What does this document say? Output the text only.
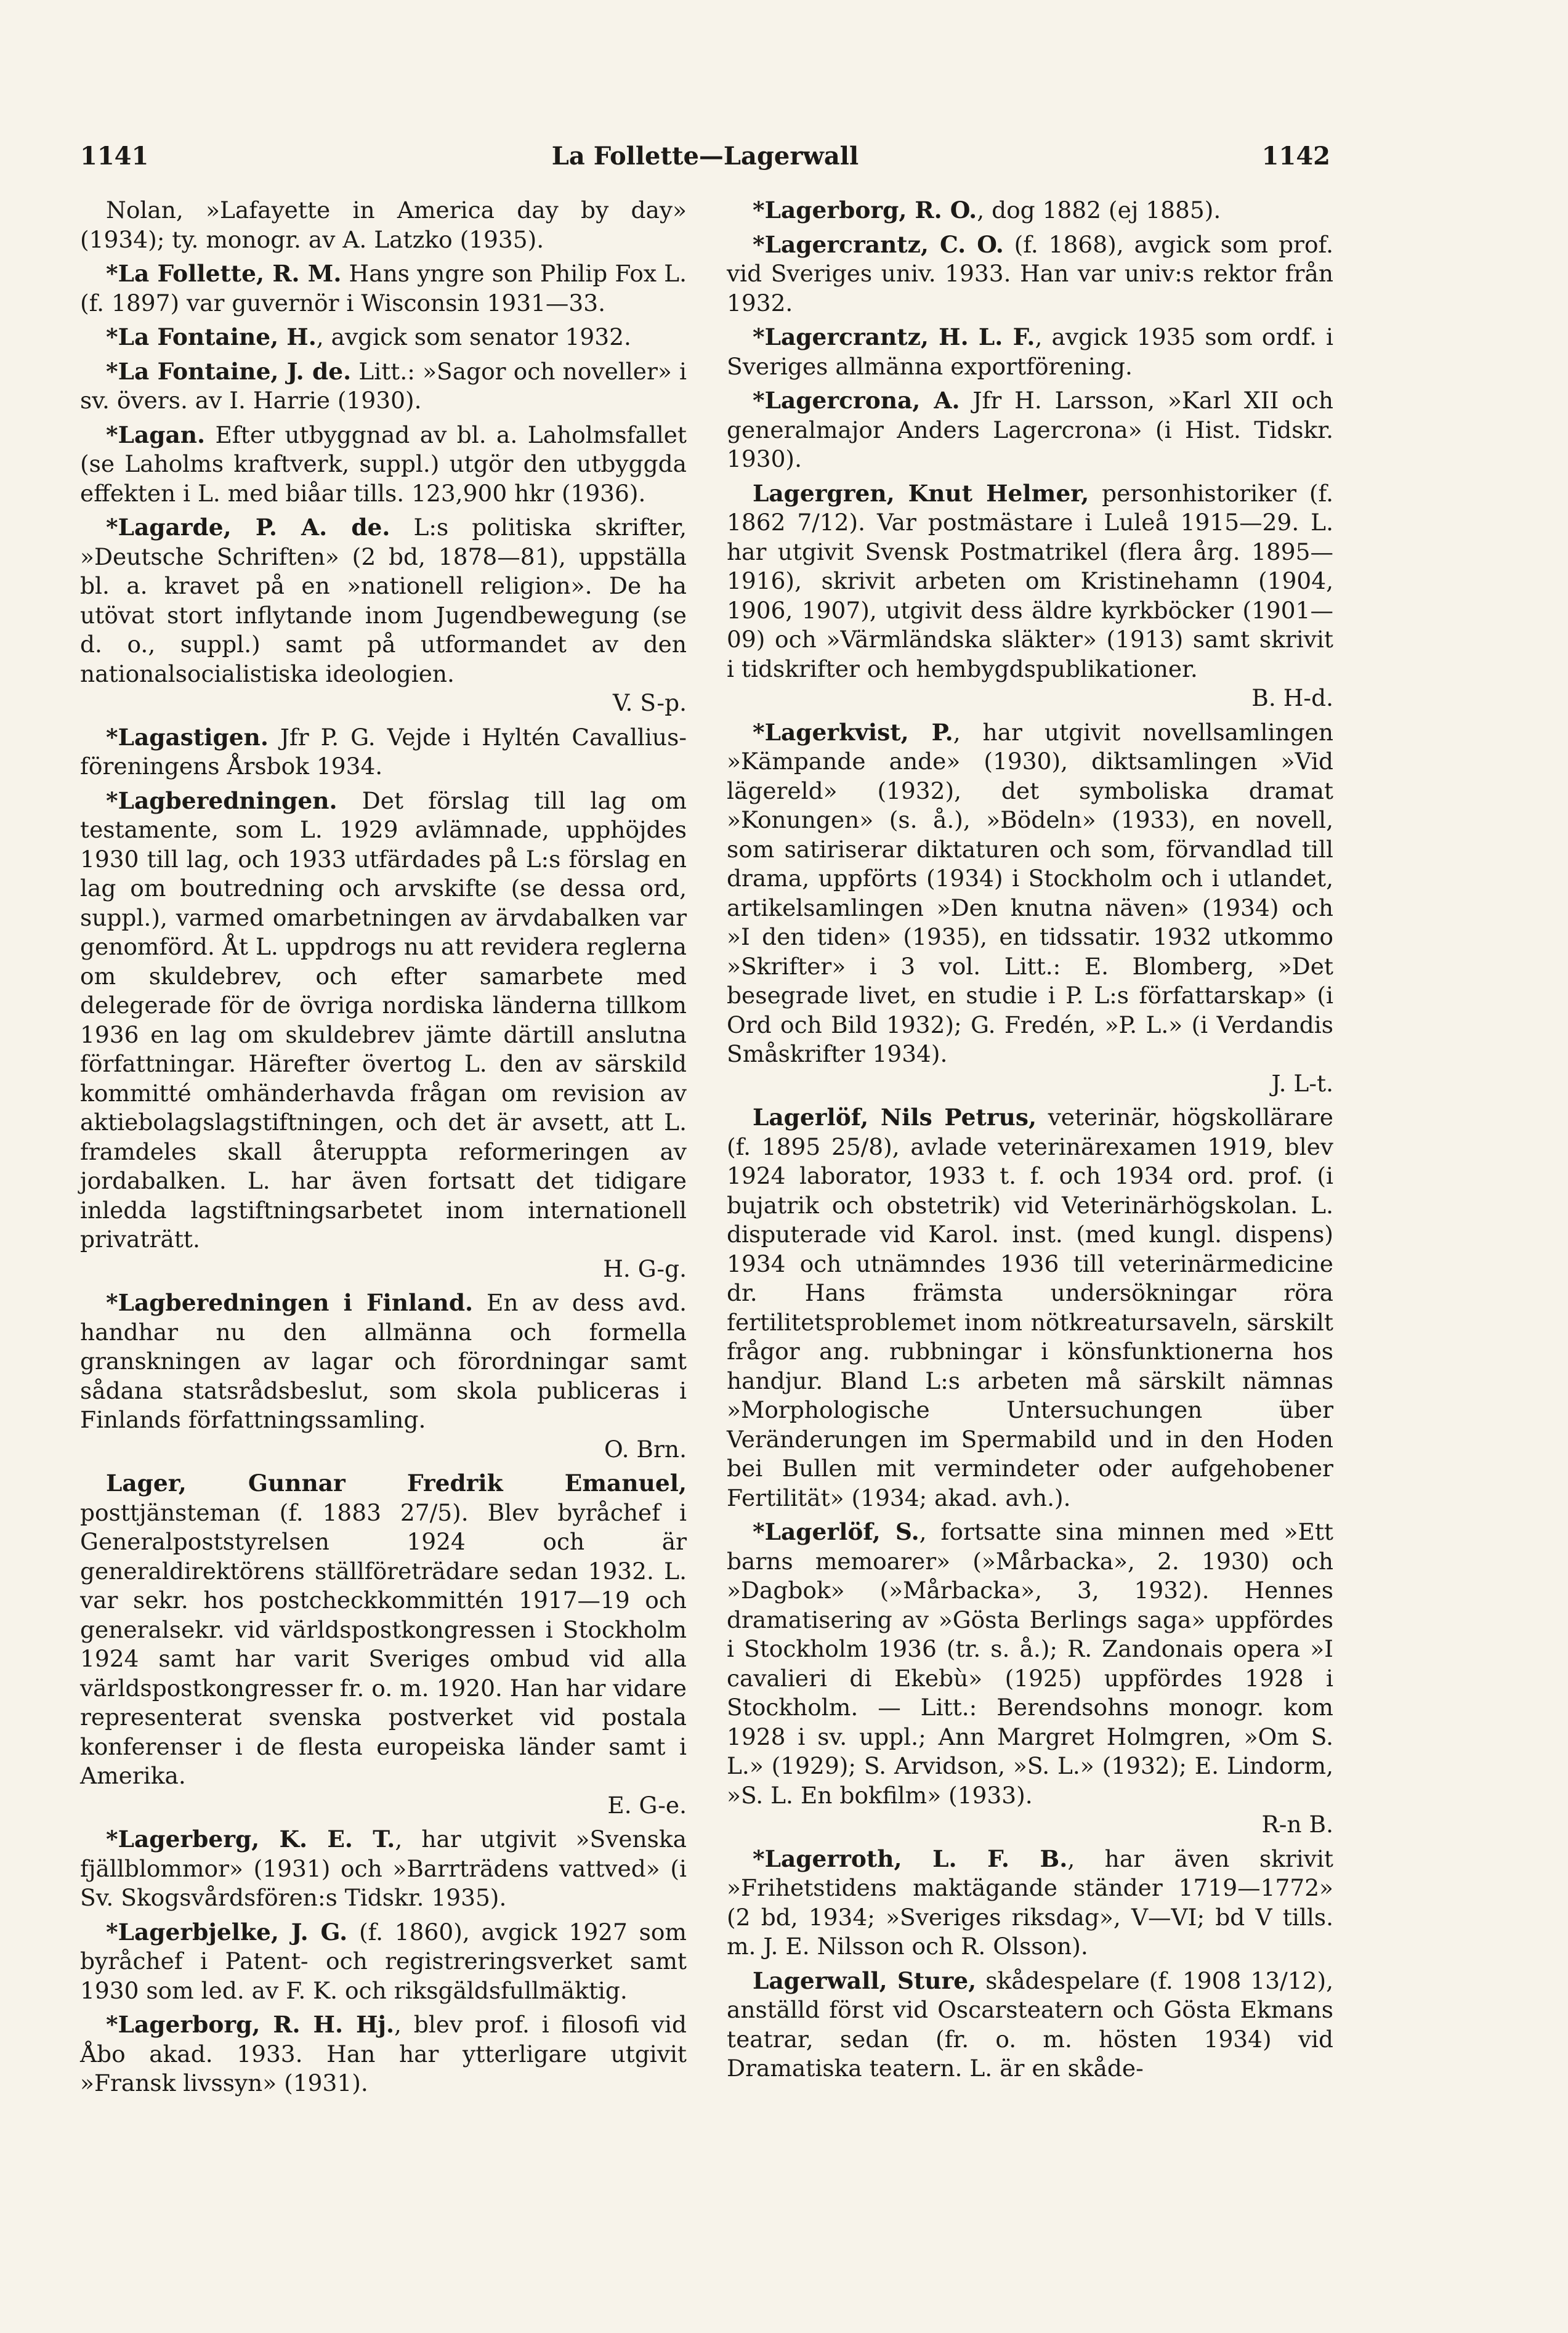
1141	La Follette—Lagerwall	1142

Nolan, »Lafayette in America day by day» (1934); ty. monogr. av A. Latzko (1935).

*La Follette, R. M. Hans yngre son Philip Fox L. (f. 1897) var guvernör i Wisconsin 1931—33.

*La Fontaine, H., avgick som senator 1932.

*La Fontaine, J. de. Litt.: »Sagor och noveller» i sv. övers. av I. Harrie (1930).

*Lagan. Efter utbyggnad av bl. a. Laholmsfallet (se Laholms kraftverk, suppl.) utgör den utbyggda effekten i L. med biåar tills. 123,900 hkr (1936).

*Lagarde, P. A. de. L:s politiska skrifter, »Deutsche Schriften» (2 bd, 1878—81), uppställa bl. a. kravet på en »nationell religion». De ha utövat stort inflytande inom Jugendbewegung (se d. o., suppl.) samt på utformandet av den nationalsocialistiska ideologien.
V. S-p.

*Lagastigen. Jfr P. G. Vejde i Hyltén Cavallius-föreningens Årsbok 1934.

*Lagberedningen. Det förslag till lag om testamente, som L. 1929 avlämnade, upphöjdes 1930 till lag, och 1933 utfärdades på L:s förslag en lag om boutredning och arvskifte (se dessa ord, suppl.), varmed omarbetningen av ärvdabalken var genomförd. Åt L. uppdrogs nu att revidera reglerna om skuldebrev, och efter samarbete med delegerade för de övriga nordiska länderna tillkom 1936 en lag om skuldebrev jämte därtill anslutna författningar. Härefter övertog L. den av särskild kommitté omhänderhavda frågan om revision av aktiebolagslagstiftningen, och det är avsett, att L. framdeles skall återuppta reformeringen av jordabalken. L. har även fortsatt det tidigare inledda lagstiftningsarbetet inom internationell privaträtt.
H. G-g.

*Lagberedningen i Finland. En av dess avd. handhar nu den allmänna och formella granskningen av lagar och förordningar samt sådana statsrådsbeslut, som skola publiceras i Finlands författningssamling.
O. Brn.

Lager, Gunnar Fredrik Emanuel, posttjänsteman (f. 1883 27/5). Blev byråchef i Generalpoststyrelsen 1924 och är generaldirektörens ställföreträdare sedan 1932. L. var sekr. hos postcheckkommittén 1917—19 och generalsekr. vid världspostkongressen i Stockholm 1924 samt har varit Sveriges ombud vid alla världspostkongresser fr. o. m. 1920. Han har vidare representerat svenska postverket vid postala konferenser i de flesta europeiska länder samt i Amerika.
E. G-e.

*Lagerberg, K. E. T., har utgivit »Svenska fjällblommor» (1931) och »Barrträdens vattved» (i Sv. Skogsvårdsfören:s Tidskr. 1935).

*Lagerbjelke, J. G. (f. 1860), avgick 1927 som byråchef i Patent- och registreringsverket samt 1930 som led. av F. K. och riksgäldsfullmäktig.

*Lagerborg, R. H. Hj., blev prof. i filosofi vid Åbo akad. 1933. Han har ytterligare utgivit »Fransk livssyn» (1931).

*Lagerborg, R. O., dog 1882 (ej 1885).

*Lagercrantz, C. O. (f. 1868), avgick som prof. vid Sveriges univ. 1933. Han var univ:s rektor från 1932.

*Lagercrantz, H. L. F., avgick 1935 som ordf. i Sveriges allmänna exportförening.

*Lagercrona, A. Jfr H. Larsson, »Karl XII och generalmajor Anders Lagercrona» (i Hist. Tidskr. 1930).

Lagergren, Knut Helmer, personhistoriker (f. 1862 7/12). Var postmästare i Luleå 1915—29. L. har utgivit Svensk Postmatrikel (flera årg. 1895—1916), skrivit arbeten om Kristinehamn (1904, 1906, 1907), utgivit dess äldre kyrkböcker (1901—09) och »Värmländska släkter» (1913) samt skrivit i tidskrifter och hembygdspublikationer.
B. H-d.

*Lagerkvist, P., har utgivit novellsamlingen »Kämpande ande» (1930), diktsamlingen »Vid lägereld» (1932), det symboliska dramat »Konungen» (s. å.), »Bödeln» (1933), en novell, som satiriserar diktaturen och som, förvandlad till drama, uppförts (1934) i Stockholm och i utlandet, artikelsamlingen »Den knutna näven» (1934) och »I den tiden» (1935), en tidssatir. 1932 utkommo »Skrifter» i 3 vol. Litt.: E. Blomberg, »Det besegrade livet, en studie i P. L:s författarskap» (i Ord och Bild 1932); G. Fredén, »P. L.» (i Verdandis Småskrifter 1934).
J. L-t.

Lagerlöf, Nils Petrus, veterinär, högskollärare (f. 1895 25/8), avlade veterinärexamen 1919, blev 1924 laborator, 1933 t. f. och 1934 ord. prof. (i bujatrik och obstetrik) vid Veterinärhögskolan. L. disputerade vid Karol. inst. (med kungl. dispens) 1934 och utnämndes 1936 till veterinärmedicine dr. Hans främsta undersökningar röra fertilitetsproblemet inom nötkreatursaveln, särskilt frågor ang. rubbningar i könsfunktionerna hos handjur. Bland L:s arbeten må särskilt nämnas »Morphologische Untersuchungen über Veränderungen im Spermabild und in den Hoden bei Bullen mit vermindeter oder aufgehobener Fertilität» (1934; akad. avh.).

*Lagerlöf, S., fortsatte sina minnen med »Ett barns memoarer» (»Mårbacka», 2. 1930) och »Dagbok» (»Mårbacka», 3, 1932). Hennes dramatisering av »Gösta Berlings saga» uppfördes i Stockholm 1936 (tr. s. å.); R. Zandonais opera »I cavalieri di Ekebù» (1925) uppfördes 1928 i Stockholm. — Litt.: Berendsohns monogr. kom 1928 i sv. uppl.; Ann Margret Holmgren, »Om S. L.» (1929); S. Arvidson, »S. L.» (1932); E. Lindorm, »S. L. En bokfilm» (1933).
R-n B.

*Lagerroth, L. F. B., har även skrivit »Frihetstidens maktägande ständer 1719—1772» (2 bd, 1934; »Sveriges riksdag», V—VI; bd V tills. m. J. E. Nilsson och R. Olsson).

Lagerwall, Sture, skådespelare (f. 1908 13/12), anställd först vid Oscarsteatern och Gösta Ekmans teatrar, sedan (fr. o. m. hösten 1934) vid Dramatiska teatern. L. är en skåde-
